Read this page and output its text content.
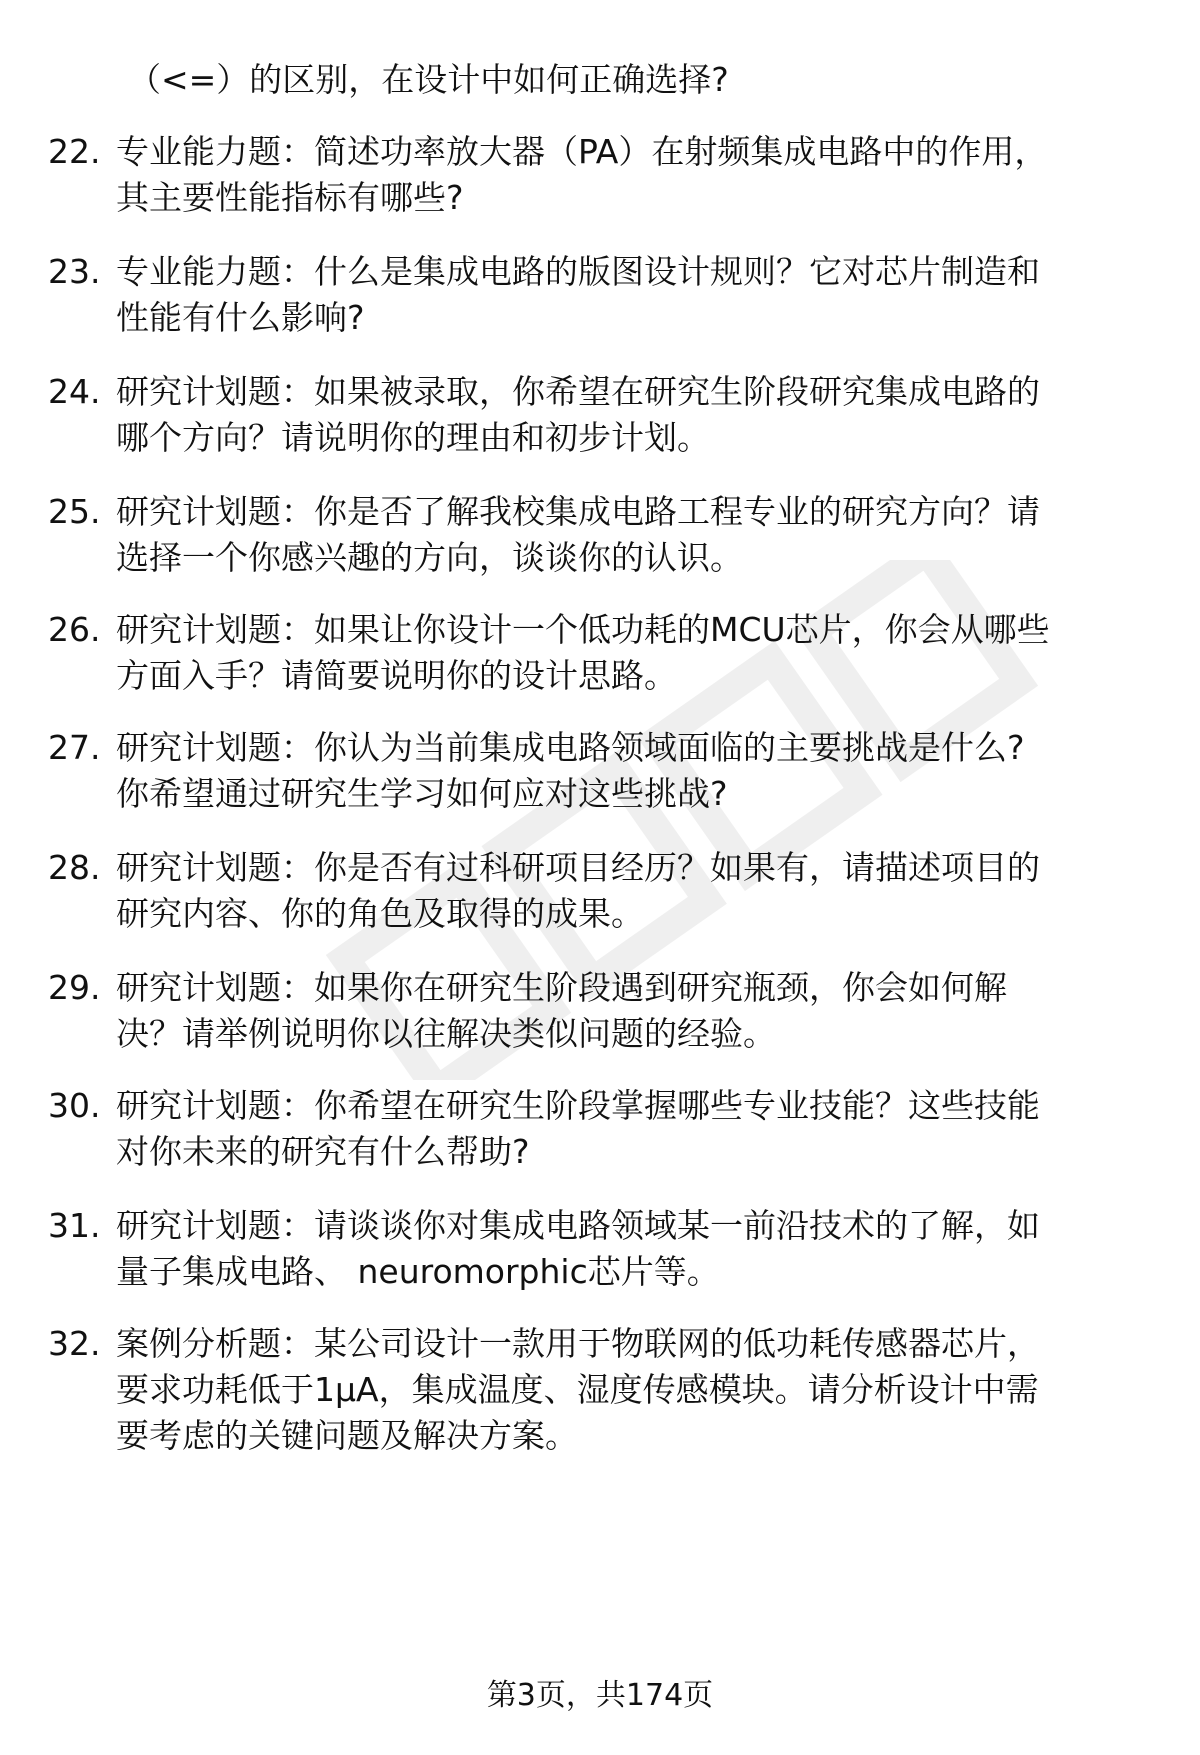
（<=）的区别，在设计中如何正确选择?
22. 专业能力题：简述功率放大器（PA）在射频集成电路中的作用，
其主要性能指标有哪些?
23. 专业能力题：什么是集成电路的版图设计规则？它对芯片制造和
性能有什么影响?
24. 研究计划题：如果被录取，你希望在研究生阶段研究集成电路的
哪个方向？请说明你的理由和初步计划。
25. 研究计划题：你是否了解我校集成电路工程专业的研究方向？请
选择一个你感兴趣的方向，谈谈你的认识。
26. 研究计划题：如果让你设计一个低功耗的MCU芯片，你会从哪些
方面入手？请简要说明你的设计思路。
27. 研究计划题：你认为当前集成电路领域面临的主要挑战是什么?
你希望通过研究生学习如何应对这些挑战?
28. 研究计划题：你是否有过科研项目经历？如果有，请描述项目的
研究内容、你的角色及取得的成果。
29. 研究计划题：如果你在研究生阶段遇到研究瓶颈，你会如何解
决？请举例说明你以往解决类似问题的经验。
30. 研究计划题：你希望在研究生阶段掌握哪些专业技能？这些技能
对你未来的研究有什么帮助?
31. 研究计划题：请谈谈你对集成电路领域某一前沿技术的了解，如
量子集成电路、 neuromorphic芯片等。
32. 案例分析题：某公司设计一款用于物联网的低功耗传感器芯片，
要求功耗低于1μA，集成温度、湿度传感模块。请分析设计中需
要考虑的关键问题及解决方案。
第3页，共174页
